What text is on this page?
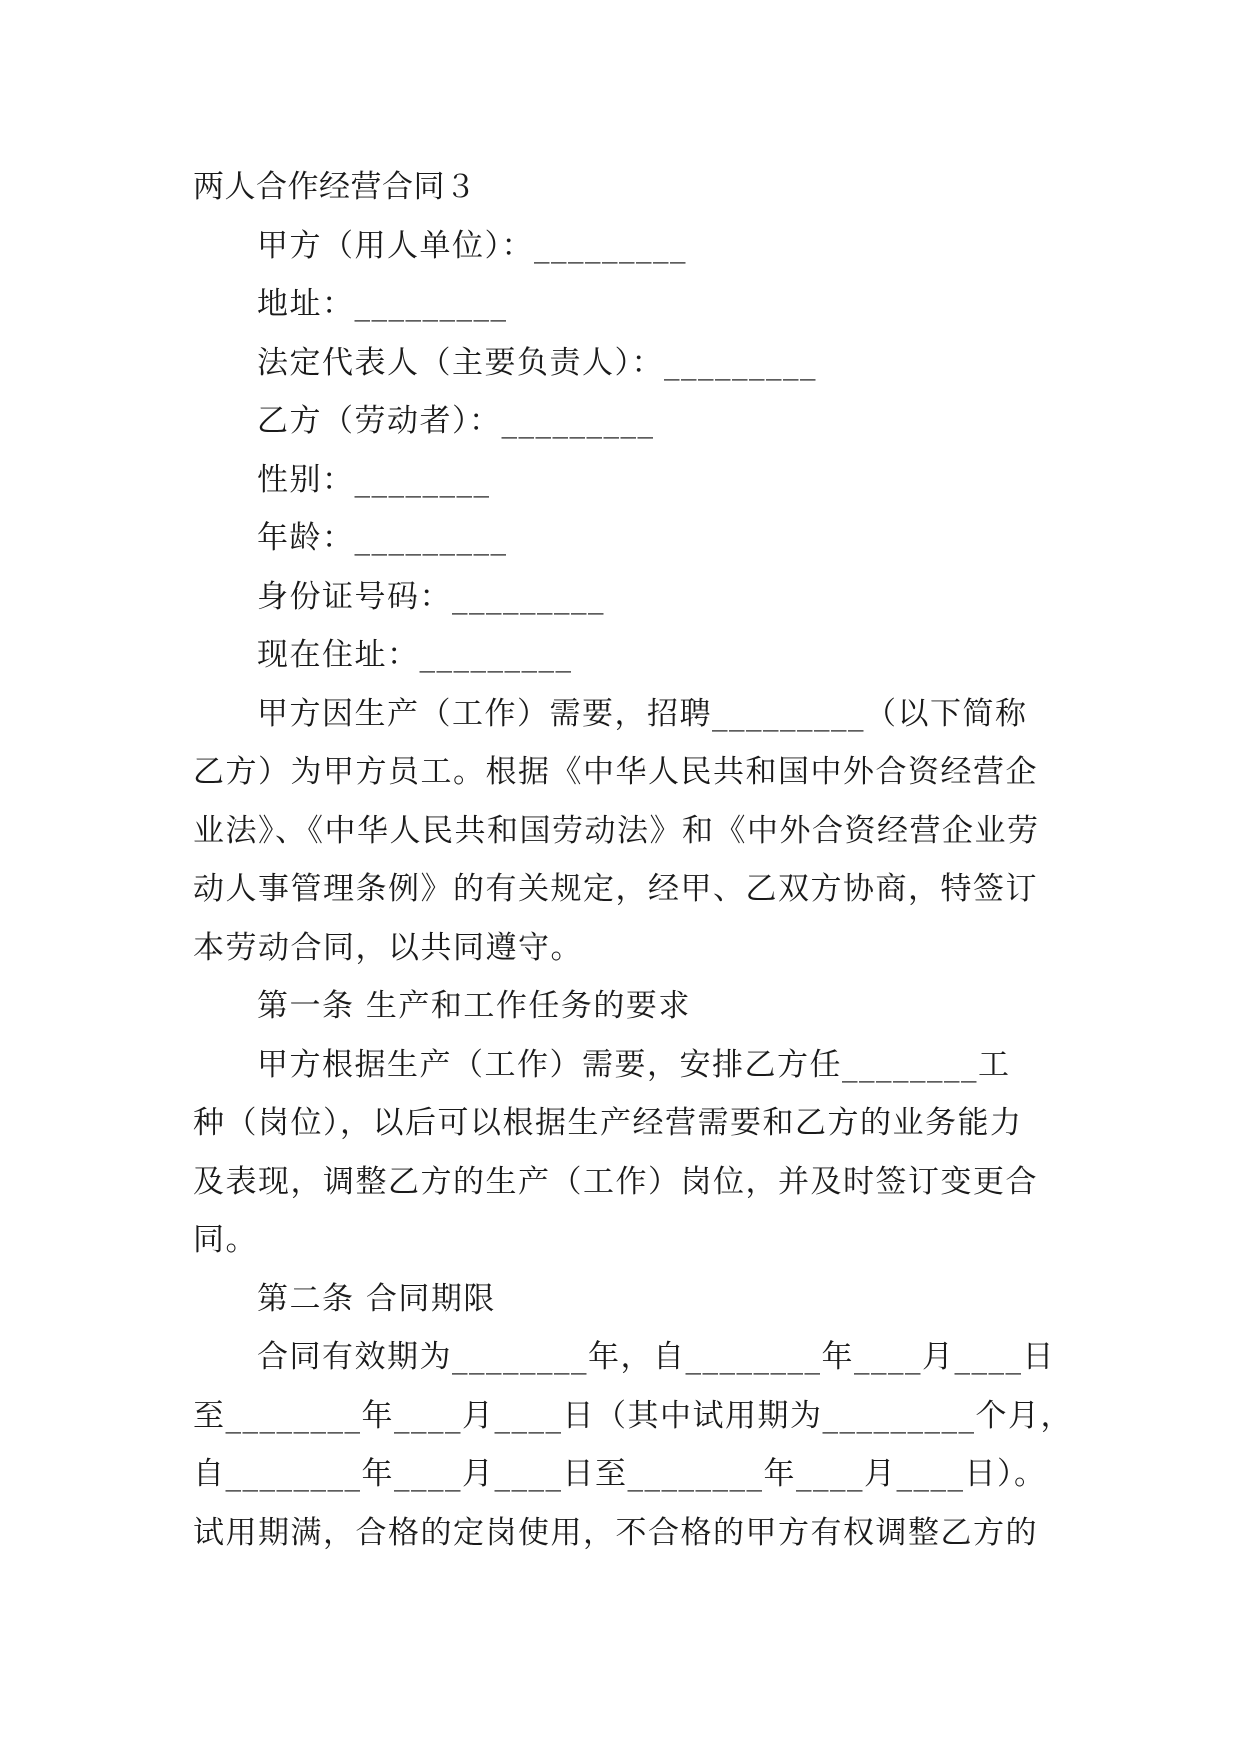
两人合作经营合同３
甲方（用人单位）：_________
地址：_________
法定代表人（主要负责人）：_________
乙方（劳动者）：_________
性别：________
年龄：_________
身份证号码：_________
现在住址：_________
甲方因生产（工作）需要，招聘_________（以下简称
乙方）为甲方员工。根据《中华人民共和国中外合资经营企
业法》、《中华人民共和国劳动法》和《中外合资经营企业劳
动人事管理条例》的有关规定，经甲、乙双方协商，特签订
本劳动合同，以共同遵守。
第一条 生产和工作任务的要求
甲方根据生产（工作）需要，安排乙方任________工
种（岗位），以后可以根据生产经营需要和乙方的业务能力
及表现，调整乙方的生产（工作）岗位，并及时签订变更合
同。
第二条 合同期限
合同有效期为________年，自________年____月____日
至________年____月____日（其中试用期为_________个月，
自________年____月____日至________年____月____日）。
试用期满，合格的定岗使用，不合格的甲方有权调整乙方的
